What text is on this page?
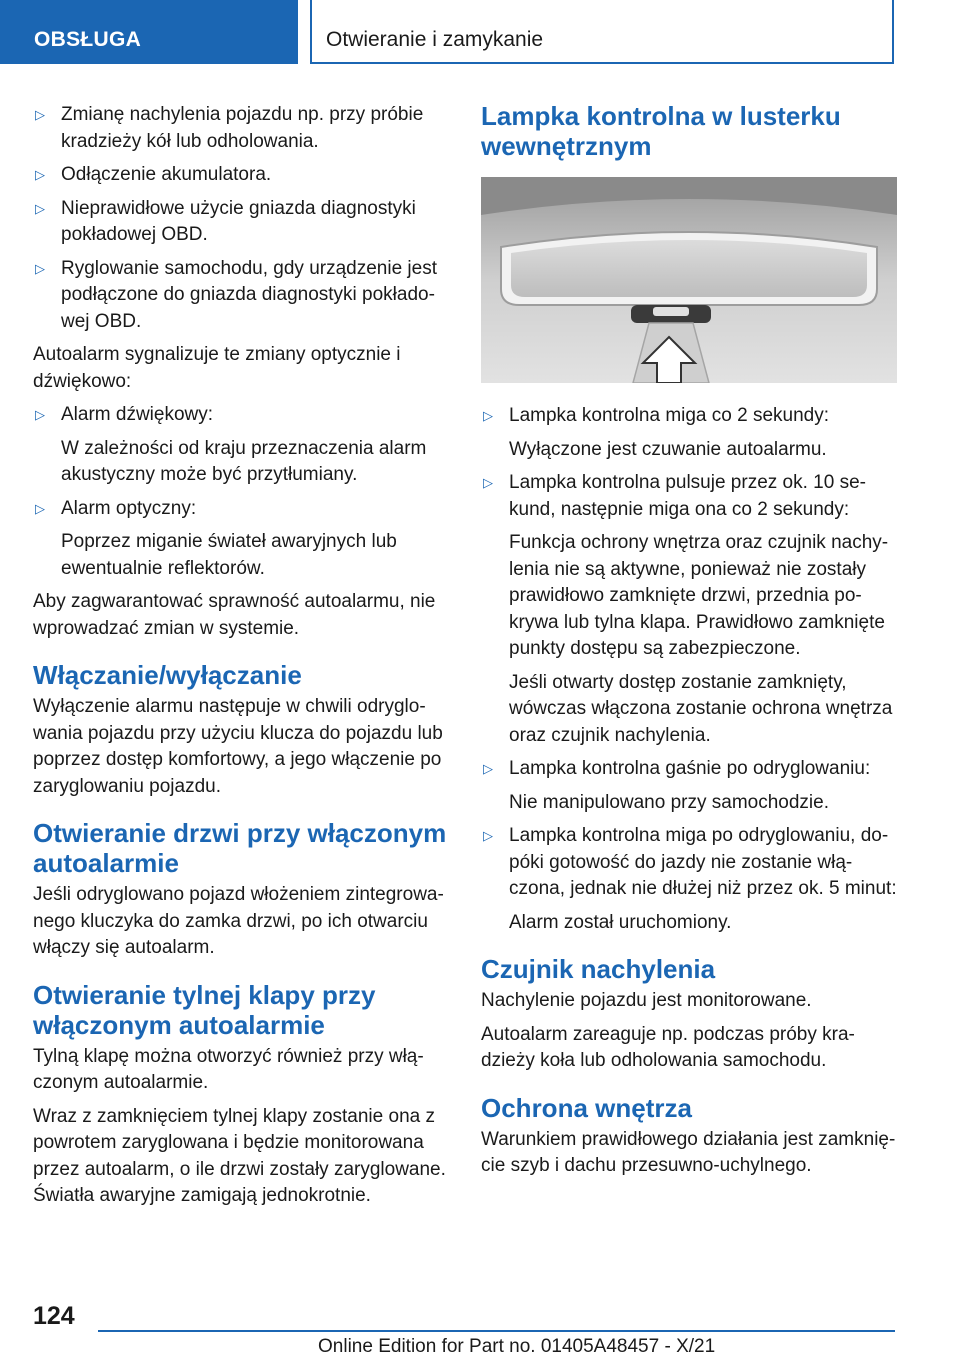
OBSŁUGA	Otwieranie i zamykanie
▷ Zmianę nachylenia pojazdu np. przy próbie kradzieży kół lub odholowania.
▷ Odłączenie akumulatora.
▷ Nieprawidłowe użycie gniazda diagnostyki pokładowej OBD.
▷ Ryglowanie samochodu, gdy urządzenie jest podłączone do gniazda diagnostyki pokładowej OBD.

Autoalarm sygnalizuje te zmiany optycznie i dźwiękowo:

▷ Alarm dźwiękowy:
W zależności od kraju przeznaczenia alarm akustyczny może być przytłumiany.
▷ Alarm optyczny:
Poprzez miganie świateł awaryjnych lub ewentualnie reflektorów.

Aby zagwarantować sprawność autoalarmu, nie wprowadzać zmian w systemie.

Włączanie/wyłączanie

Wyłączenie alarmu następuje w chwili odryglowania pojazdu przy użyciu klucza do pojazdu lub poprzez dostęp komfortowy, a jego włączenie po zaryglowaniu pojazdu.

Otwieranie drzwi przy włączonym autoalarmie

Jeśli odryglowano pojazd włożeniem zintegrowanego kluczyka do zamka drzwi, po ich otwarciu włączy się autoalarm.

Otwieranie tylnej klapy przy włączonym autoalarmie

Tylną klapę można otworzyć również przy włączonym autoalarmie.

Wraz z zamknięciem tylnej klapy zostanie ona z powrotem zaryglowana i będzie monitorowana przez autoalarm, o ile drzwi zostały zaryglowane. Światła awaryjne zamigają jednokrotnie.

Lampka kontrolna w lusterku wewnętrznym
▷ Lampka kontrolna miga co 2 sekundy:
Wyłączone jest czuwanie autoalarmu.
▷ Lampka kontrolna pulsuje przez ok. 10 sekund, następnie miga ona co 2 sekundy:
Funkcja ochrony wnętrza oraz czujnik nachylenia nie są aktywne, ponieważ nie zostały prawidłowo zamknięte drzwi, przednia pokrywa lub tylna klapa. Prawidłowo zamknięte punkty dostępu są zabezpieczone.
Jeśli otwarty dostęp zostanie zamknięty, wówczas włączona zostanie ochrona wnętrza oraz czujnik nachylenia.
▷ Lampka kontrolna gaśnie po odryglowaniu:
Nie manipulowano przy samochodzie.
▷ Lampka kontrolna miga po odryglowaniu, dopóki gotowość do jazdy nie zostanie włączona, jednak nie dłużej niż przez ok. 5 minut:
Alarm został uruchomiony.
Czujnik nachylenia

Nachylenie pojazdu jest monitorowane.

Autoalarm zareaguje np. podczas próby kradzieży koła lub odholowania samochodu.

Ochrona wnętrza

Warunkiem prawidłowego działania jest zamknięcie szyb i dachu przesuwno-uchylnego.

124
Online Edition for Part no. 01405A48457 - X/21
